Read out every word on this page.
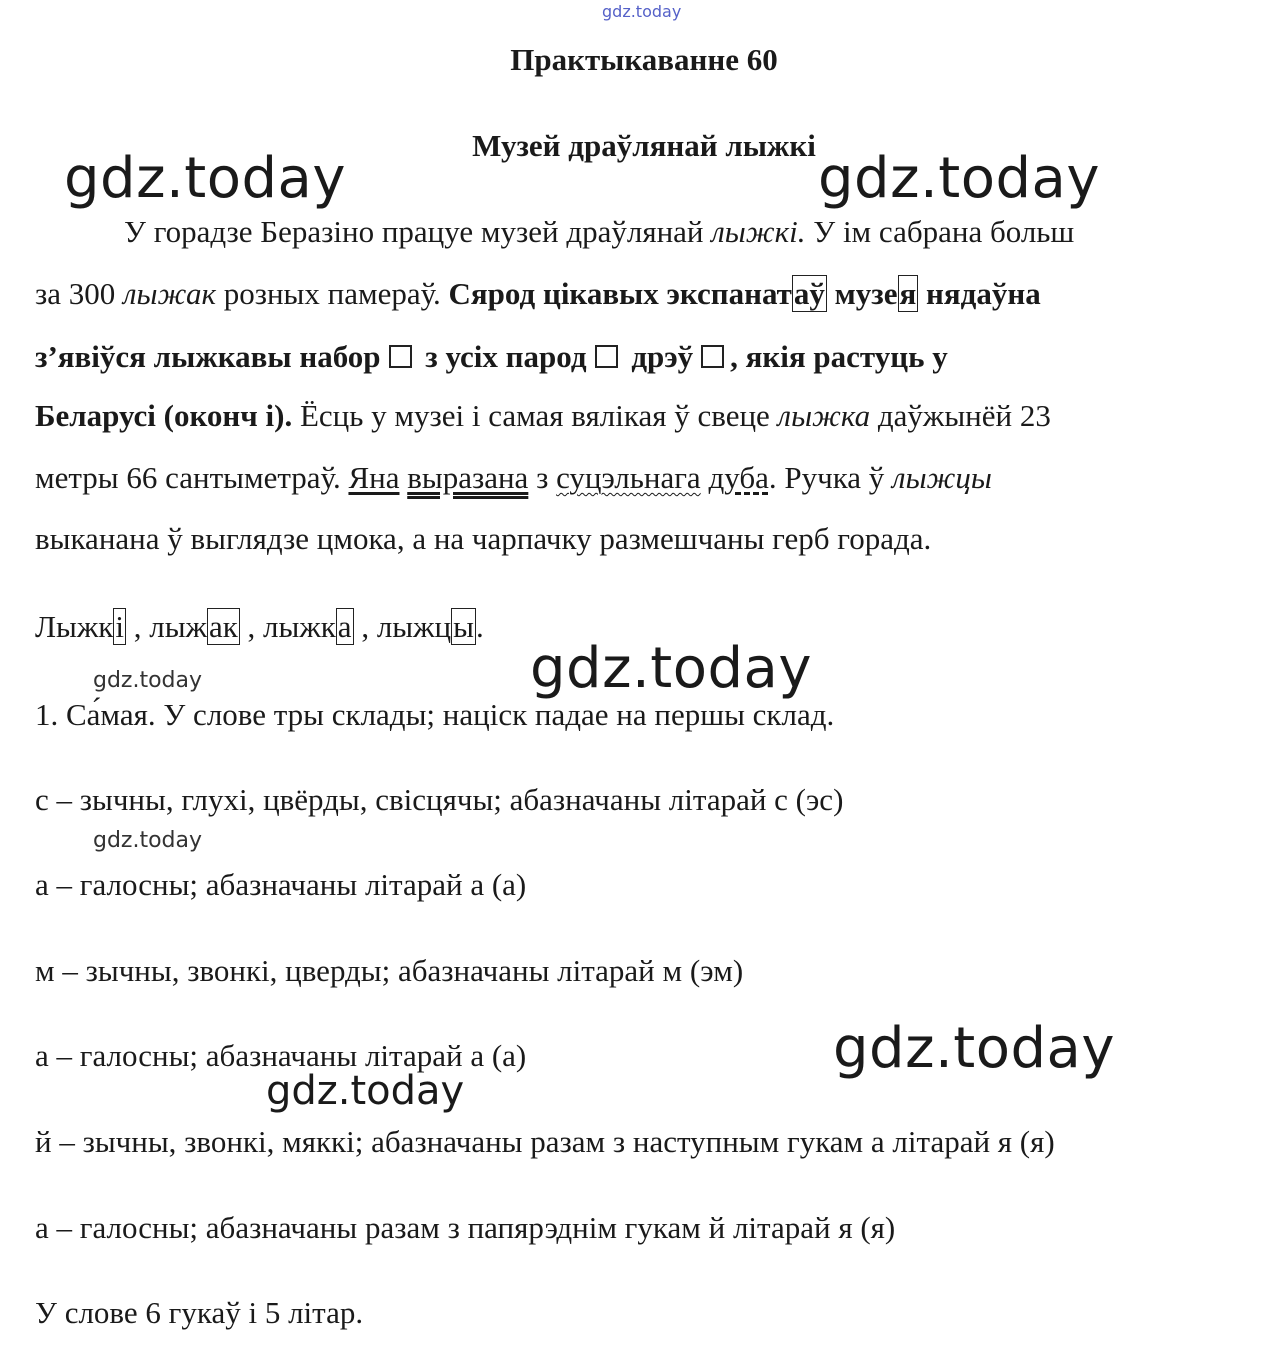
gdz.today
Практыкаванне 60
Музей драўлянай лыжкі
gdz.today	gdz.today
У горадзе Беразіно працуе музей драўлянай лыжкі. У ім сабрана больш
за 300 лыжак розных памераў. Сярод цікавых экспанатаў музея нядаўна
з’явіўся лыжкавы набор з усіх парод дрэў , якія растуць у
Беларусі (оконч і). Ёсць у музеі і самая вялікая ў свеце лыжка даўжынёй 23
метры 66 сантыметраў. Яна выразана з суцэльнага дуба. Ручка ў лыжцы
выканана ў выглядзе цмока, а на чарпачку размешчаны герб горада.
Лыжкі , лыжак , лыжка , лыжцы.
gdz.today
gdz.today
1. Са́мая. У слове тры склады; націск падае на першы склад.
с – зычны, глухі, цвёрды, свісцячы; абазначаны літарай с (эс)
gdz.today
а – галосны; абазначаны літарай а (а)
м – зычны, звонкі, цверды; абазначаны літарай м (эм)
а – галосны; абазначаны літарай а (а)	gdz.today
gdz.today
й – зычны, звонкі, мяккі; абазначаны разам з наступным гукам а літарай я (я)
а – галосны; абазначаны разам з папярэднім гукам й літарай я (я)
У слове 6 гукаў і 5 літар.
